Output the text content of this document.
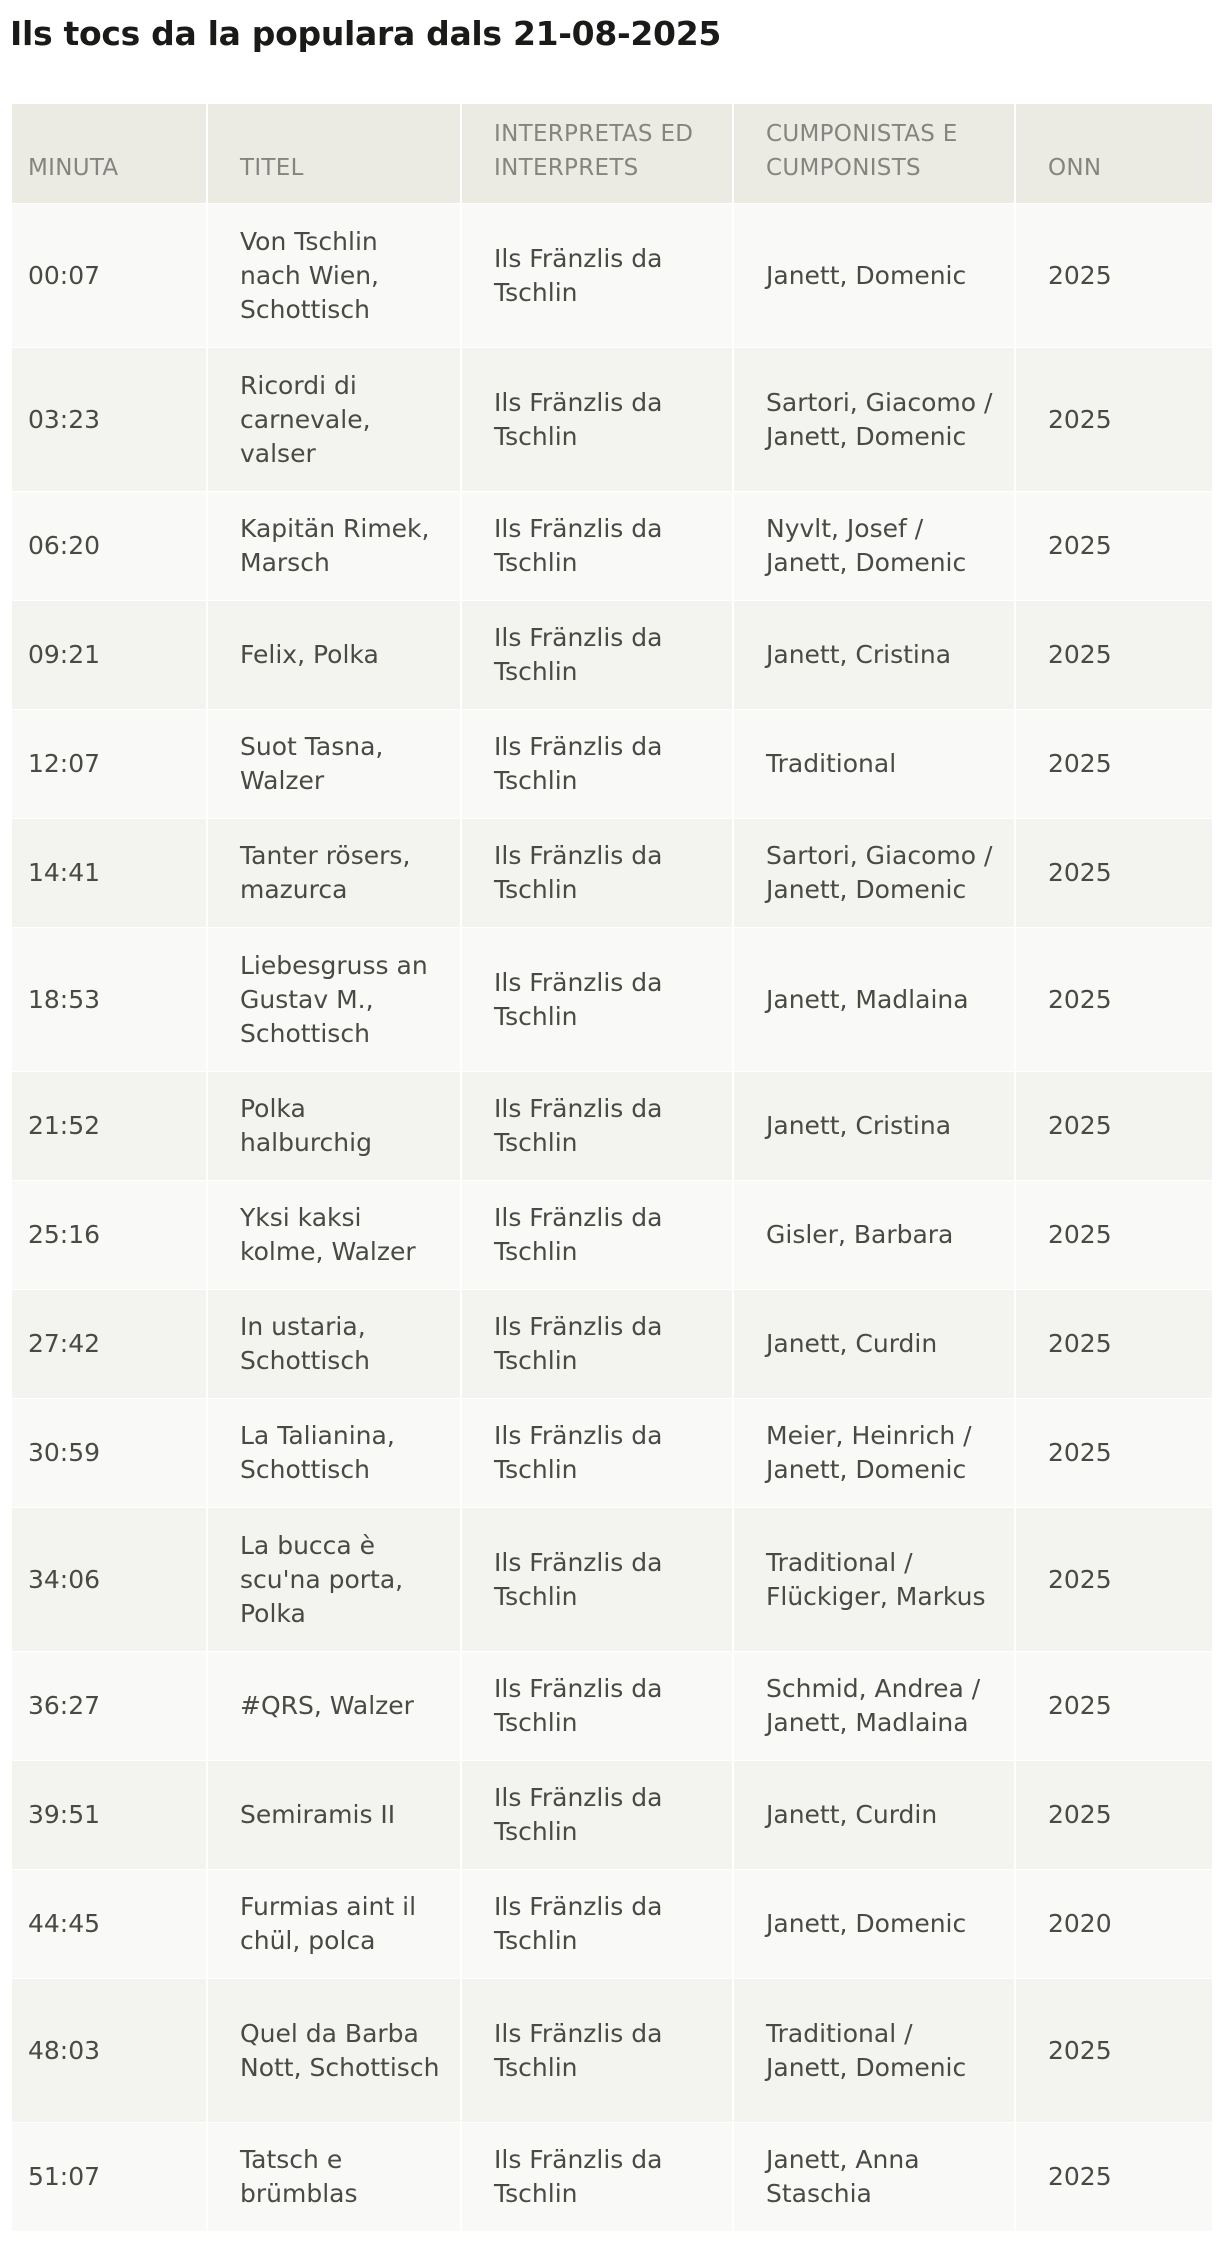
Ils tocs da la populara dals 21-08-2025
MINUTA	TITEL	INTERPRETAS ED INTERPRETS	CUMPONISTAS E CUMPONISTS	ONN
00:07	Von Tschlin nach Wien, Schottisch	Ils Fränzlis da Tschlin	Janett, Domenic	2025
03:23	Ricordi di carnevale, valser	Ils Fränzlis da Tschlin	Sartori, Giacomo / Janett, Domenic	2025
06:20	Kapitän Rimek, Marsch	Ils Fränzlis da Tschlin	Nyvlt, Josef / Janett, Domenic	2025
09:21	Felix, Polka	Ils Fränzlis da Tschlin	Janett, Cristina	2025
12:07	Suot Tasna, Walzer	Ils Fränzlis da Tschlin	Traditional	2025
14:41	Tanter rösers, mazurca	Ils Fränzlis da Tschlin	Sartori, Giacomo / Janett, Domenic	2025
18:53	Liebesgruss an Gustav M., Schottisch	Ils Fränzlis da Tschlin	Janett, Madlaina	2025
21:52	Polka halburchig	Ils Fränzlis da Tschlin	Janett, Cristina	2025
25:16	Yksi kaksi kolme, Walzer	Ils Fränzlis da Tschlin	Gisler, Barbara	2025
27:42	In ustaria, Schottisch	Ils Fränzlis da Tschlin	Janett, Curdin	2025
30:59	La Talianina, Schottisch	Ils Fränzlis da Tschlin	Meier, Heinrich / Janett, Domenic	2025
34:06	La bucca è scu'na porta, Polka	Ils Fränzlis da Tschlin	Traditional / Flückiger, Markus	2025
36:27	#QRS, Walzer	Ils Fränzlis da Tschlin	Schmid, Andrea / Janett, Madlaina	2025
39:51	Semiramis II	Ils Fränzlis da Tschlin	Janett, Curdin	2025
44:45	Furmias aint il chül, polca	Ils Fränzlis da Tschlin	Janett, Domenic	2020
48:03	Quel da Barba Nott, Schottisch	Ils Fränzlis da Tschlin	Traditional / Janett, Domenic	2025
51:07	Tatsch e brümblas	Ils Fränzlis da Tschlin	Janett, Anna Staschia	2025
